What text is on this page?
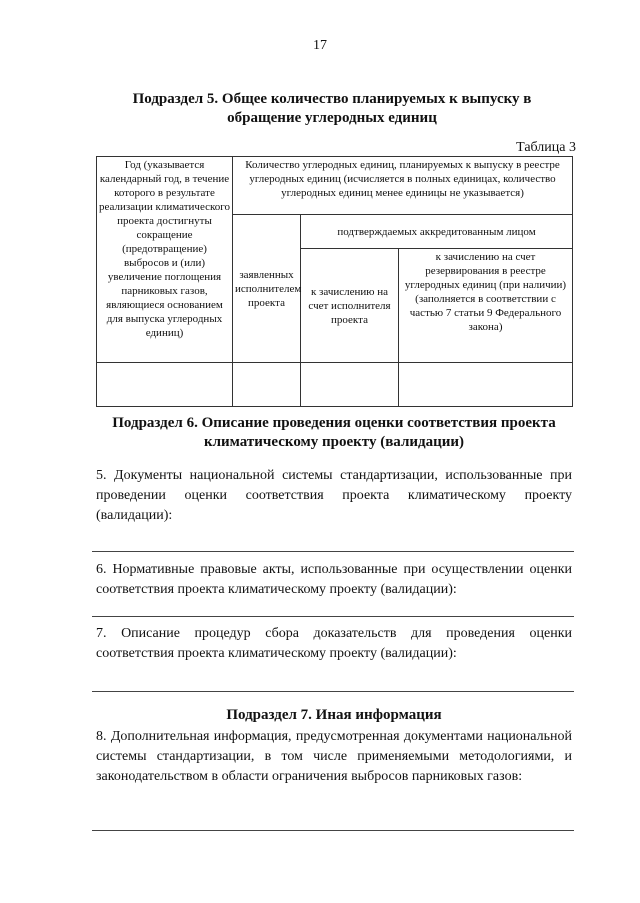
17
Подраздел 5. Общее количество планируемых к выпуску в обращение углеродных единиц
Таблица 3
Год (указывается календарный год, в течение которого в результате реализации климатического проекта достигнуты сокращение (предотвращение) выбросов и (или) увеличение поглощения парниковых газов, являющиеся основанием для выпуска углеродных единиц)	Количество углеродных единиц, планируемых к выпуску в реестре углеродных единиц (исчисляется в полных единицах, количество углеродных единиц менее единицы не указывается)		
	заявленных исполнителем проекта	подтверждаемых аккредитованным лицом	
		к зачислению на счет исполнителя проекта	к зачислению на счет резервирования в реестре углеродных единиц (при наличии) (заполняется в соответствии с частью 7 статьи 9 Федерального закона)

Подраздел 6. Описание проведения оценки соответствия проекта климатическому проекту (валидации)
5. Документы национальной системы стандартизации, использованные при проведении оценки соответствия проекта климатическому проекту (валидации):
6. Нормативные правовые акты, использованные при осуществлении оценки соответствия проекта климатическому проекту (валидации):
7. Описание процедур сбора доказательств для проведения оценки соответствия проекта климатическому проекту (валидации):
Подраздел 7. Иная информация
8. Дополнительная информация, предусмотренная документами национальной системы стандартизации, в том числе применяемыми методологиями, и законодательством в области ограничения выбросов парниковых газов:
